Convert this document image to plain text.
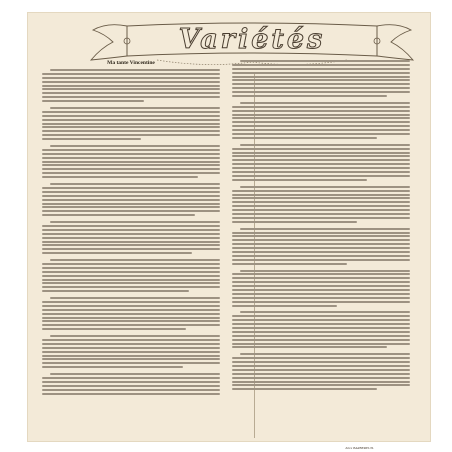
Variétés
Jules BARBEREUIL
Ma tante Vincentine
